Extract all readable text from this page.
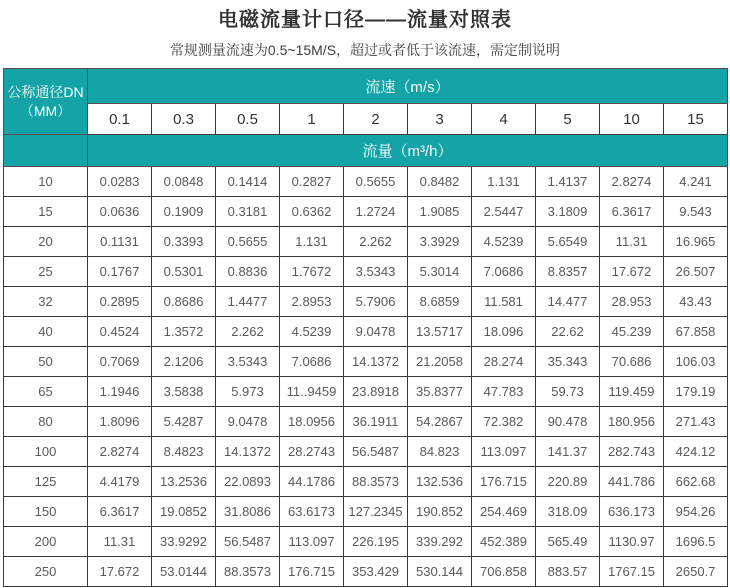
电磁流量计口径——流量对照表

常规测量流速为0.5~15M/S，超过或者低于该流速，需定制说明

公称通径DN
（MM）	流速（m/s）									
	0.1	0.3	0.5	1	2	3	4	5	10	15
	流量（m³/h）									
10	0.0283	0.0848	0.1414	0.2827	0.5655	0.8482	1.131	1.4137	2.8274	4.241
15	0.0636	0.1909	0.3181	0.6362	1.2724	1.9085	2.5447	3.1809	6.3617	9.543
20	0.1131	0.3393	0.5655	1.131	2.262	3.3929	4.5239	5.6549	11.31	16.965
25	0.1767	0.5301	0.8836	1.7672	3.5343	5.3014	7.0686	8.8357	17.672	26.507
32	0.2895	0.8686	1.4477	2.8953	5.7906	8.6859	11.581	14.477	28.953	43.43
40	0.4524	1.3572	2.262	4.5239	9.0478	13.5717	18.096	22.62	45.239	67.858
50	0.7069	2.1206	3.5343	7.0686	14.1372	21.2058	28.274	35.343	70.686	106.03
65	1.1946	3.5838	5.973	11..9459	23.8918	35.8377	47.783	59.73	119.459	179.19
80	1.8096	5.4287	9.0478	18.0956	36.1911	54.2867	72.382	90.478	180.956	271.43
100	2.8274	8.4823	14.1372	28.2743	56.5487	84.823	113.097	141.37	282.743	424.12
125	4.4179	13.2536	22.0893	44.1786	88.3573	132.536	176.715	220.89	441.786	662.68
150	6.3617	19.0852	31.8086	63.6173	127.2345	190.852	254.469	318.09	636.173	954.26
200	11.31	33.9292	56.5487	113.097	226.195	339.292	452.389	565.49	1130.97	1696.5
250	17.672	53.0144	88.3573	176.715	353.429	530.144	706.858	883.57	1767.15	2650.7
